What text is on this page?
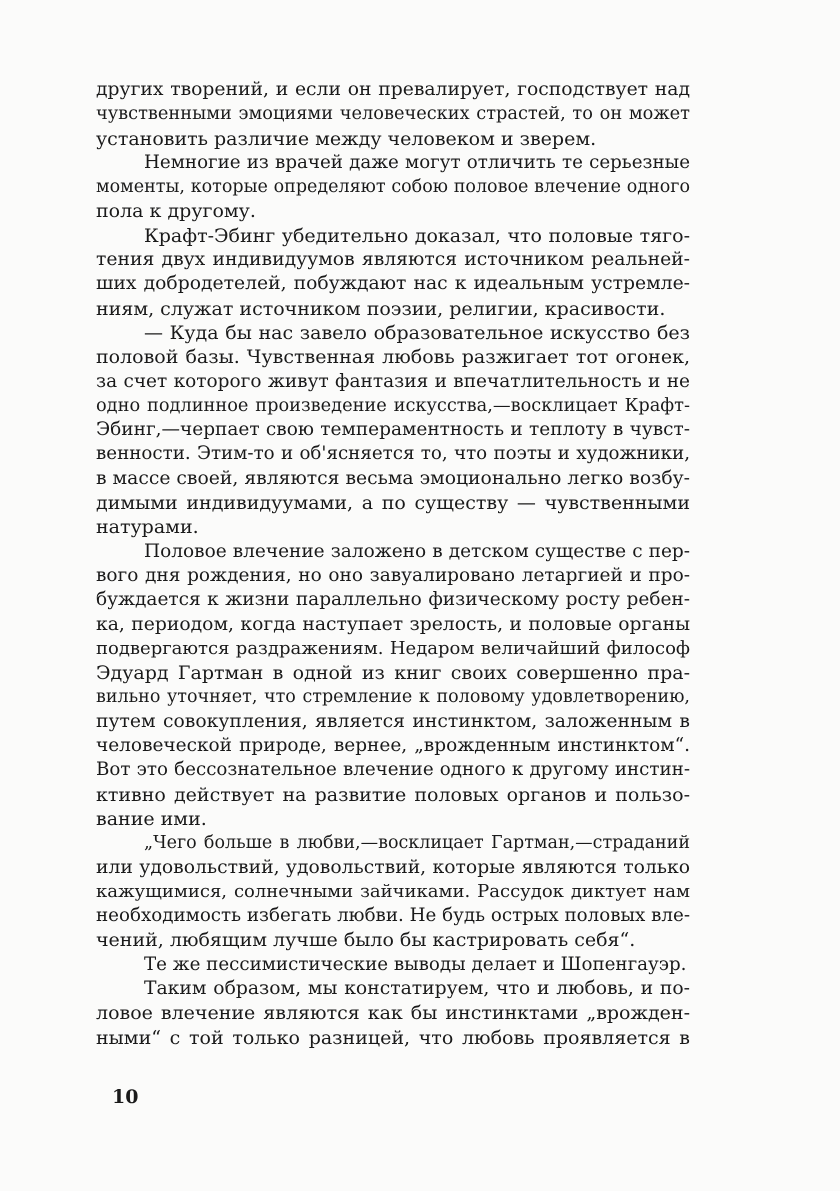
других творений, и если он превалирует, господствует над
чувственными эмоциями человеческих страстей, то он может
установить различие между человеком и зверем.
Немногие из врачей даже могут отличить те серьезные
моменты, которые определяют собою половое влечение одного
пола к другому.
Крафт-Эбинг убедительно доказал, что половые тяго-
тения двух индивидуумов являются источником реальней-
ших добродетелей, побуждают нас к идеальным устремле-
ниям, служат источником поэзии, религии, красивости.
— Куда бы нас завело образовательное искусство без
половой базы. Чувственная любовь разжигает тот огонек,
за счет которого живут фантазия и впечатлительность и не
одно подлинное произведение искусства,—восклицает Крафт-
Эбинг,—черпает свою темпераментность и теплоту в чувст-
венности. Этим-то и об'ясняется то, что поэты и художники,
в массе своей, являются весьма эмоционально легко возбу-
димыми индивидуумами, а по существу — чувственными
натурами.
Половое влечение заложено в детском существе с пер-
вого дня рождения, но оно завуалировано летаргией и про-
буждается к жизни параллельно физическому росту ребен-
ка, периодом, когда наступает зрелость, и половые органы
подвергаются раздражениям. Недаром величайший философ
Эдуард Гартман в одной из книг своих совершенно пра-
вильно уточняет, что стремление к половому удовлетворению,
путем совокупления, является инстинктом, заложенным в
человеческой природе, вернее, „врожденным инстинктом“.
Вот это бессознательное влечение одного к другому инстин-
ктивно действует на развитие половых органов и пользо-
вание ими.
„Чего больше в любви,—восклицает Гартман,—страданий
или удовольствий, удовольствий, которые являются только
кажущимися, солнечными зайчиками. Рассудок диктует нам
необходимость избегать любви. Не будь острых половых вле-
чений, любящим лучше было бы кастрировать себя“.
Те же пессимистические выводы делает и Шопенгауэр.
Таким образом, мы констатируем, что и любовь, и по-
ловое влечение являются как бы инстинктами „врожден-
ными“ с той только разницей, что любовь проявляется в
10
